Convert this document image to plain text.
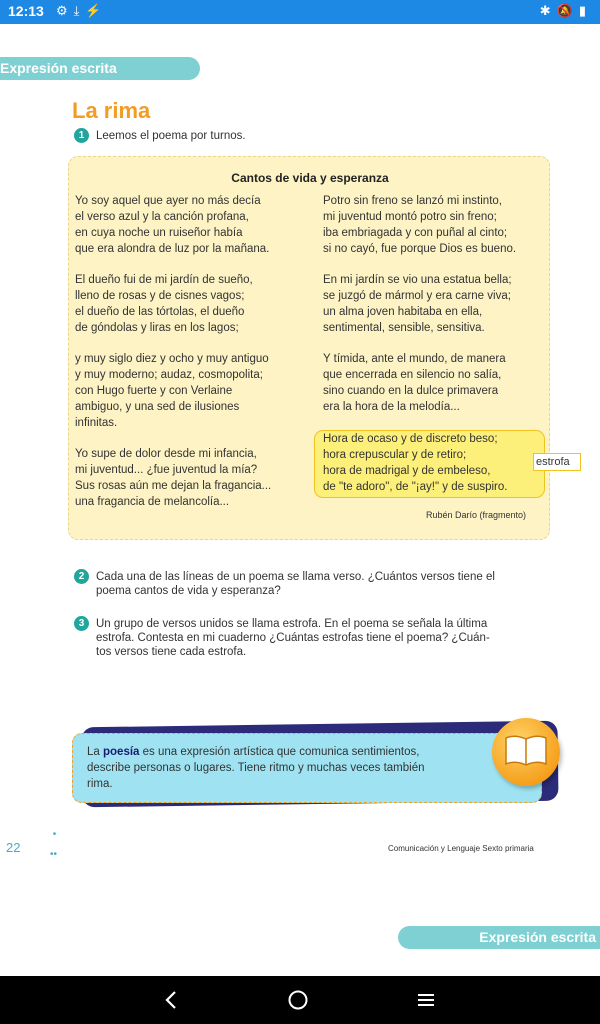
12:13 ⚙⤓⚡	✱🔕▮
Expresión escrita
La rima
1	Leemos el poema por turnos.
Cantos de vida y esperanza
Yo soy aquel que ayer no más decía
el verso azul y la canción profana,
en cuya noche un ruiseñor había
que era alondra de luz por la mañana.
Potro sin freno se lanzó mi instinto,
mi juventud montó potro sin freno;
iba embriagada y con puñal al cinto;
si no cayó, fue porque Dios es bueno.
El dueño fui de mi jardín de sueño,
lleno de rosas y de cisnes vagos;
el dueño de las tórtolas, el dueño
de góndolas y liras en los lagos;
En mi jardín se vio una estatua bella;
se juzgó de mármol y era carne viva;
un alma joven habitaba en ella,
sentimental, sensible, sensitiva.
y muy siglo diez y ocho y muy antiguo
y muy moderno; audaz, cosmopolita;
con Hugo fuerte y con Verlaine
ambiguo, y una sed de ilusiones
infinitas.
Y tímida, ante el mundo, de manera
que encerrada en silencio no salía,
sino cuando en la dulce primavera
era la hora de la melodía...
Yo supe de dolor desde mi infancia,
mi juventud... ¿fue juventud la mía?
Sus rosas aún me dejan la fragancia...
una fragancia de melancolía...
Hora de ocaso y de discreto beso;
hora crepuscular y de retiro;
hora de madrigal y de embeleso,
de "te adoro", de "¡ay!" y de suspiro.
estrofa
Rubén Darío (fragmento)
2	Cada una de las líneas de un poema se llama verso. ¿Cuántos versos tiene el
poema cantos de vida y esperanza?
3	Un grupo de versos unidos se llama estrofa. En el poema se señala la última
estrofa. Contesta en mi cuaderno ¿Cuántas estrofas tiene el poema? ¿Cuán-
tos versos tiene cada estrofa.
La poesía es una expresión artística que comunica sentimientos,
describe personas o lugares. Tiene ritmo y muchas veces también
rima.
22
•

••
Comunicación y Lenguaje Sexto primaria
Expresión escrita
